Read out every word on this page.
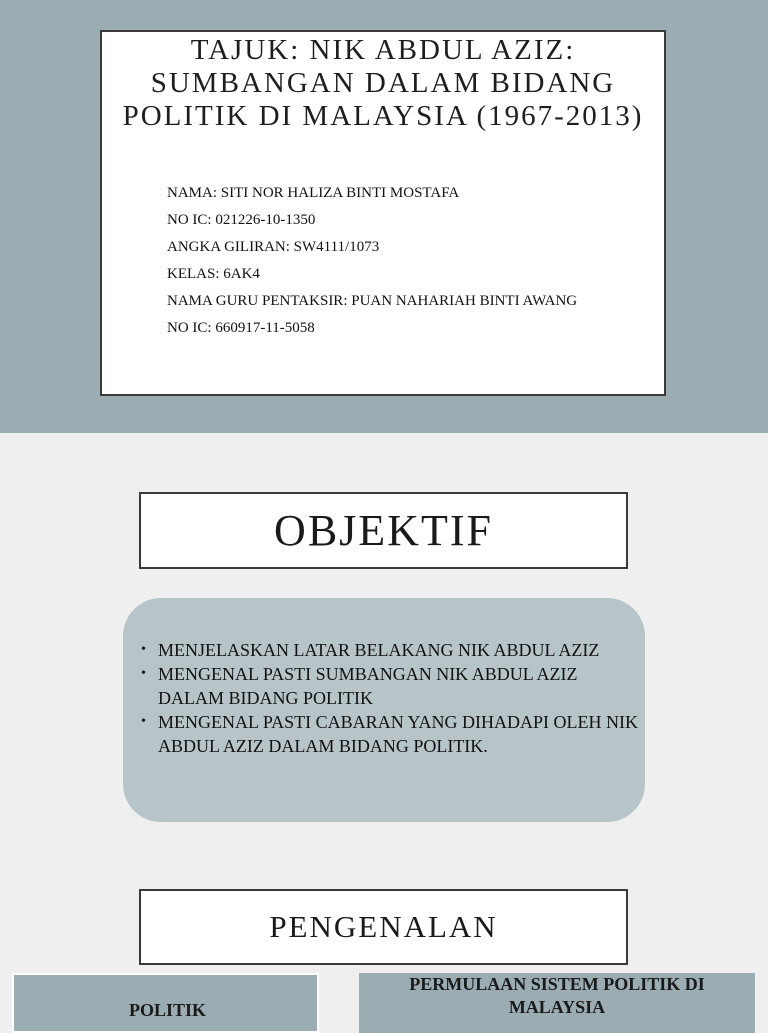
TAJUK: NIK ABDUL AZIZ: SUMBANGAN DALAM BIDANG POLITIK DI MALAYSIA (1967-2013)
NAMA: SITI NOR HALIZA BINTI MOSTAFA
NO IC: 021226-10-1350
ANGKA GILIRAN: SW4111/1073
KELAS: 6AK4
NAMA GURU PENTAKSIR: PUAN NAHARIAH BINTI AWANG
NO IC: 660917-11-5058
OBJEKTIF
• MENJELASKAN LATAR BELAKANG NIK ABDUL AZIZ
• MENGENAL PASTI SUMBANGAN NIK ABDUL AZIZ DALAM BIDANG POLITIK
• MENGENAL PASTI CABARAN YANG DIHADAPI OLEH NIK ABDUL AZIZ DALAM BIDANG POLITIK.
PENGENALAN
POLITIK
PERMULAAN SISTEM POLITIK DI MALAYSIA
